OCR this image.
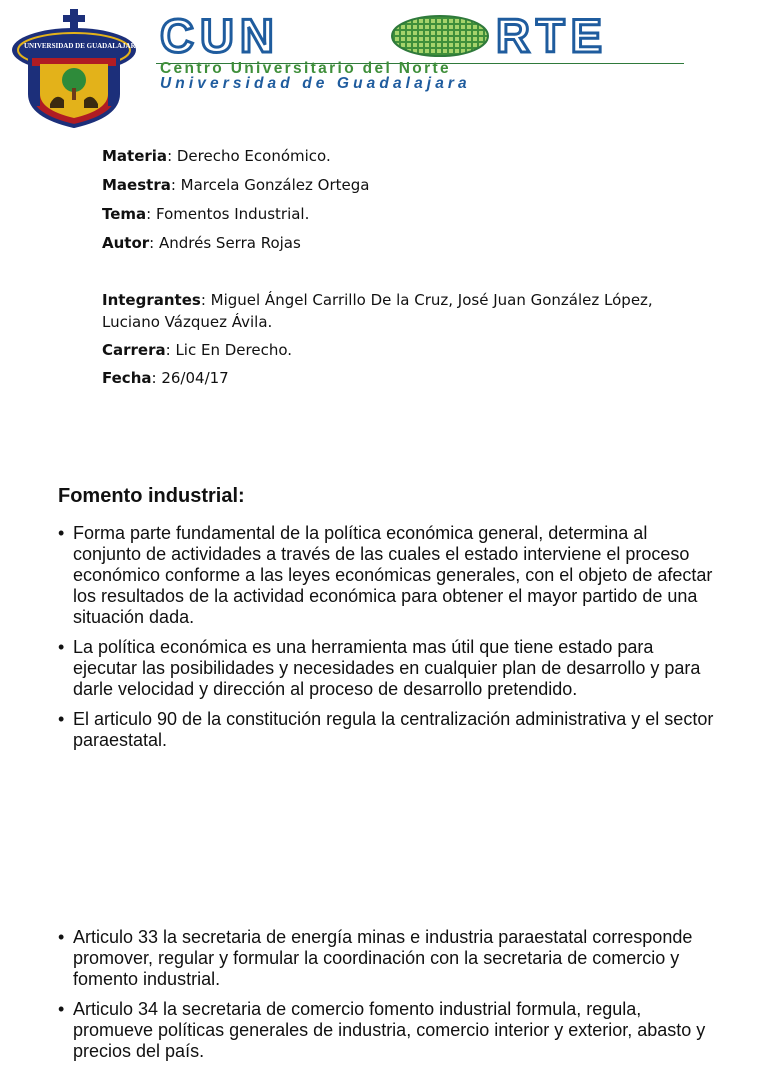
UNIVERSIDAD DE GUADALAJARA
PIENSA Y	TRABAJA
CUN	RTE
Centro Universitario del Norte
Universidad de Guadalajara
Materia: Derecho Económico.
Maestra: Marcela González Ortega
Tema: Fomentos Industrial.
Autor: Andrés Serra Rojas
Integrantes: Miguel Ángel Carrillo De la Cruz, José Juan González López, Luciano Vázquez Ávila.
Carrera: Lic En Derecho.
Fecha: 26/04/17
Fomento industrial:
• Forma parte fundamental de la política económica general, determina al conjunto de actividades a través de las cuales el estado interviene el proceso económico conforme a las leyes económicas generales, con el objeto de afectar los resultados de la actividad económica para obtener el mayor partido de una situación dada.
• La política económica es una herramienta mas útil que tiene estado para ejecutar las posibilidades y necesidades en cualquier plan de desarrollo y para darle velocidad y dirección al proceso de desarrollo pretendido.
• El articulo 90 de la constitución regula la centralización administrativa y el sector paraestatal.
• Articulo 33 la secretaria de energía minas e industria paraestatal corresponde promover, regular y formular la coordinación con la secretaria de comercio y fomento industrial.
• Articulo 34 la secretaria de comercio fomento industrial formula, regula, promueve políticas generales de industria, comercio interior y exterior, abasto y precios del país.
